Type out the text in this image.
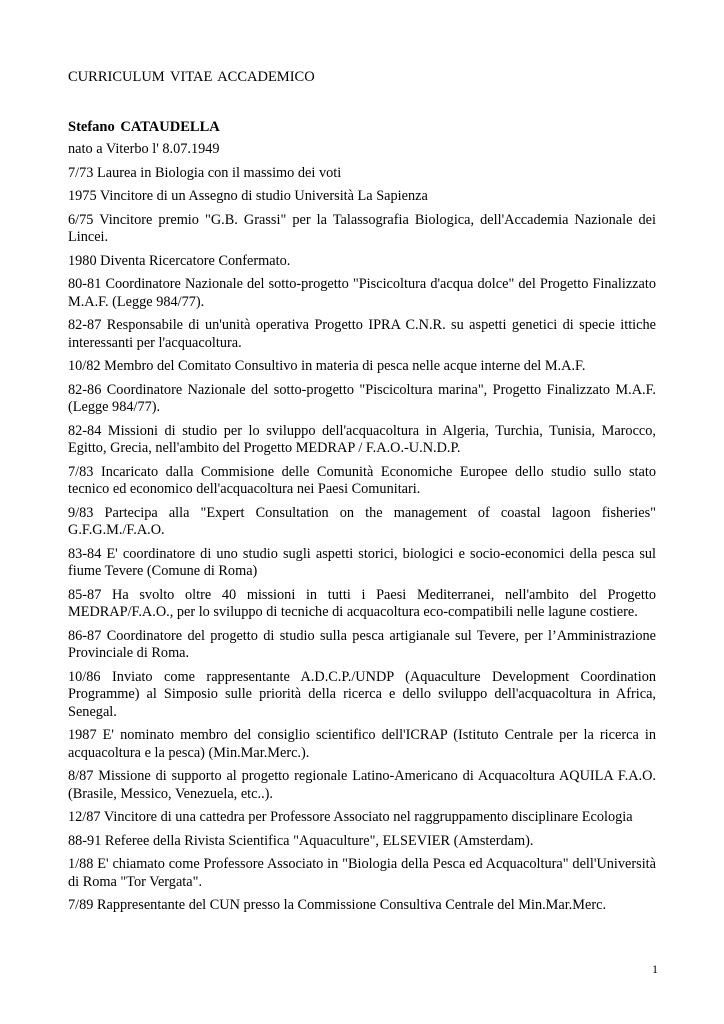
CURRICULUM VITAE ACCADEMICO
Stefano CATAUDELLA

nato a Viterbo l' 8.07.1949

7/73 Laurea in Biologia con il massimo dei voti

1975 Vincitore di un Assegno di studio Università La Sapienza

6/75 Vincitore premio "G.B. Grassi" per la Talassografia Biologica, dell'Accademia Nazionale dei Lincei.

1980 Diventa Ricercatore Confermato.

80-81 Coordinatore Nazionale del sotto-progetto "Piscicoltura d'acqua dolce" del Progetto Finalizzato M.A.F. (Legge 984/77).

82-87 Responsabile di un'unità operativa Progetto IPRA C.N.R. su aspetti genetici di specie ittiche interessanti per l'acquacoltura.

10/82 Membro del Comitato Consultivo in materia di pesca nelle acque interne del M.A.F.

82-86 Coordinatore Nazionale del sotto-progetto "Piscicoltura marina", Progetto Finalizzato M.A.F. (Legge 984/77).

82-84 Missioni di studio per lo sviluppo dell'acquacoltura in Algeria, Turchia, Tunisia, Marocco, Egitto, Grecia, nell'ambito del Progetto MEDRAP / F.A.O.-U.N.D.P.

7/83 Incaricato dalla Commisione delle Comunità Economiche Europee dello studio sullo stato tecnico ed economico dell'acquacoltura nei Paesi Comunitari.

9/83 Partecipa alla "Expert Consultation on the management of coastal lagoon fisheries" G.F.G.M./F.A.O.

83-84 E' coordinatore di uno studio sugli aspetti storici, biologici e socio-economici della pesca sul fiume Tevere (Comune di Roma)

85-87 Ha svolto oltre 40 missioni in tutti i Paesi Mediterranei, nell'ambito del Progetto MEDRAP/F.A.O., per lo sviluppo di tecniche di acquacoltura eco-compatibili nelle lagune costiere.

86-87 Coordinatore del progetto di studio sulla pesca artigianale sul Tevere, per l’Amministrazione Provinciale di Roma.

10/86 Inviato come rappresentante A.D.C.P./UNDP (Aquaculture Development Coordination Programme) al Simposio sulle priorità della ricerca e dello sviluppo dell'acquacoltura in Africa, Senegal.

1987 E' nominato membro del consiglio scientifico dell'ICRAP (Istituto Centrale per la ricerca in acquacoltura e la pesca) (Min.Mar.Merc.).

8/87 Missione di supporto al progetto regionale Latino-Americano di Acquacoltura AQUILA F.A.O. (Brasile, Messico, Venezuela, etc..).

12/87 Vincitore di una cattedra per Professore Associato nel raggruppamento disciplinare Ecologia

88-91 Referee della Rivista Scientifica "Aquaculture", ELSEVIER (Amsterdam).

1/88 E' chiamato come Professore Associato in "Biologia della Pesca ed Acquacoltura" dell'Università di Roma "Tor Vergata".

7/89 Rappresentante del CUN presso la Commissione Consultiva Centrale del Min.Mar.Merc.

1
